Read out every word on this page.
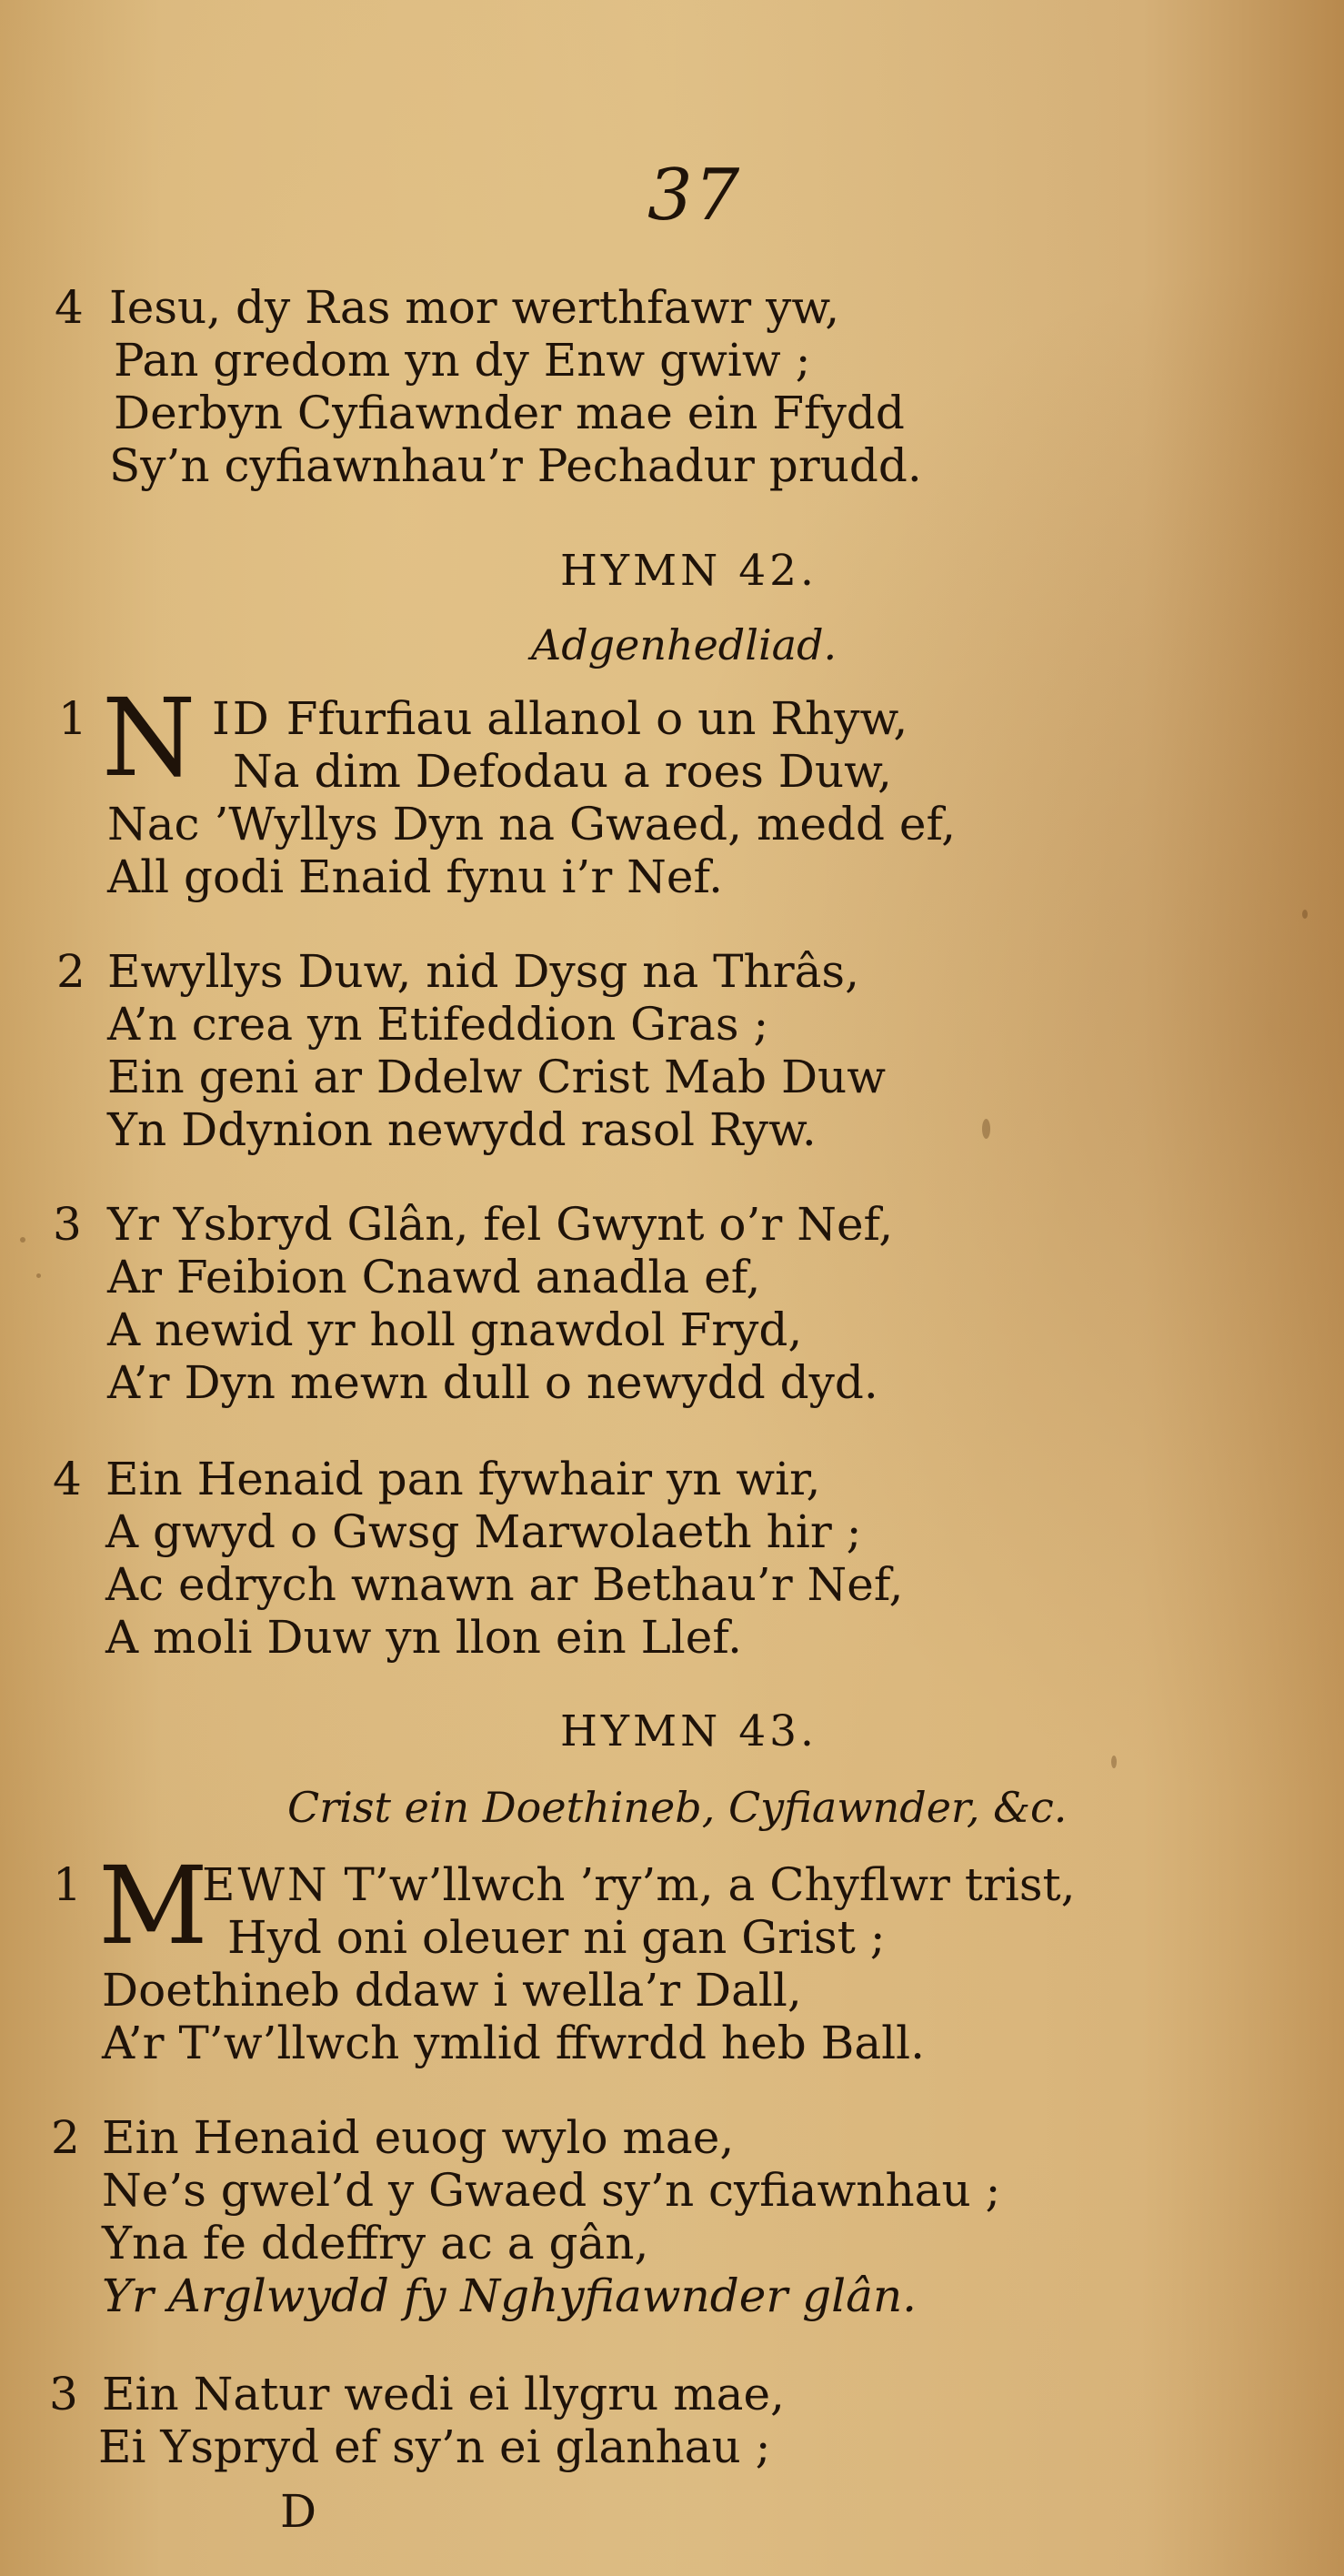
37
4 Iesu, dy Ras mor werthfawr yw,
Pan gredom yn dy Enw gwiw ;
Derbyn Cyfiawnder mae ein Ffydd
Sy’n cyfiawnhau’r Pechadur prudd.
HYMN 42.
Adgenhedliad.
1 N ID Ffurfiau allanol o un Rhyw,
Na dim Defodau a roes Duw,
Nac ’Wyllys Dyn na Gwaed, medd ef,
All godi Enaid fynu i’r Nef.
2 Ewyllys Duw, nid Dysg na Thrâs,
A’n crea yn Etifeddion Gras ;
Ein geni ar Ddelw Crist Mab Duw
Yn Ddynion newydd rasol Ryw.
3 Yr Ysbryd Glân, fel Gwynt o’r Nef,
Ar Feibion Cnawd anadla ef,
A newid yr holl gnawdol Fryd,
A’r Dyn mewn dull o newydd dyd.
4 Ein Henaid pan fywhair yn wir,
A gwyd o Gwsg Marwolaeth hir ;
Ac edrych wnawn ar Bethau’r Nef,
A moli Duw yn llon ein Llef.
HYMN 43.
Crist ein Doethineb, Cyfiawnder, &c.
1 M
EWN T’w’llwch ’ry’m, a Chyflwr trist,
Hyd oni oleuer ni gan Grist ;
Doethineb ddaw i wella’r Dall,
A’r T’w’llwch ymlid ffwrdd heb Ball.
2 Ein Henaid euog wylo mae,
Ne’s gwel’d y Gwaed sy’n cyfiawnhau ;
Yna fe ddeffry ac a gân,
Yr Arglwydd fy Nghyfiawnder glân.
3 Ein Natur wedi ei llygru mae,
Ei Yspryd ef sy’n ei glanhau ;
D
